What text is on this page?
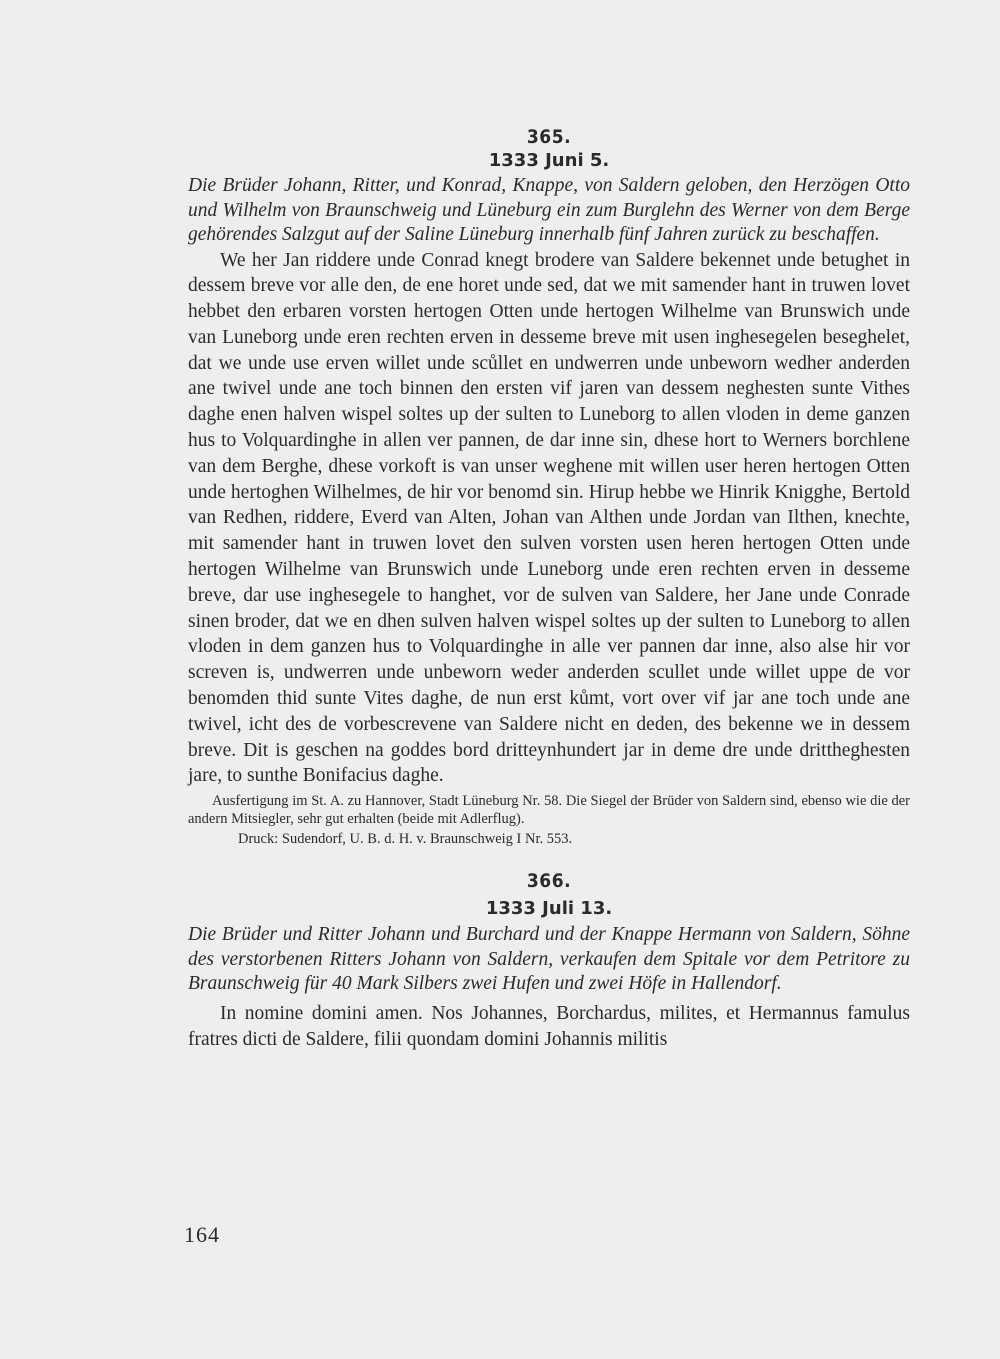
365.
1333 Juni 5.

Die Brüder Johann, Ritter, und Konrad, Knappe, von Saldern geloben, den Herzögen Otto und Wilhelm von Braunschweig und Lüneburg ein zum Burglehn des Werner von dem Berge gehörendes Salzgut auf der Saline Lüneburg innerhalb fünf Jahren zurück zu beschaffen.

We her Jan riddere unde Conrad knegt brodere van Saldere bekennet unde betughet in dessem breve vor alle den, de ene horet unde sed, dat we mit samender hant in truwen lovet hebbet den erbaren vorsten hertogen Otten unde hertogen Wilhelme van Brunswich unde van Luneborg unde eren rechten erven in desseme breve mit usen inghesegelen beseghelet, dat we unde use erven willet unde scůllet en undwerren unde unbeworn wedher anderden ane twivel unde ane toch binnen den ersten vif jaren van dessem neghesten sunte Vithes daghe enen halven wispel soltes up der sulten to Luneborg to allen vloden in deme ganzen hus to Volquardinghe in allen ver pannen, de dar inne sin, dhese hort to Werners borchlene van dem Berghe, dhese vorkoft is van unser weghene mit willen user heren hertogen Otten unde hertoghen Wilhelmes, de hir vor benomd sin. Hirup hebbe we Hinrik Knigghe, Bertold van Redhen, riddere, Everd van Alten, Johan van Althen unde Jordan van Ilthen, knechte, mit samender hant in truwen lovet den sulven vorsten usen heren hertogen Otten unde hertogen Wilhelme van Brunswich unde Luneborg unde eren rechten erven in desseme breve, dar use inghesegele to hanghet, vor de sulven van Saldere, her Jane unde Conrade sinen broder, dat we en dhen sulven halven wispel soltes up der sulten to Luneborg to allen vloden in dem ganzen hus to Volquardinghe in alle ver pannen dar inne, also alse hir vor screven is, undwerren unde unbeworn weder anderden scullet unde willet uppe de vor benomden thid sunte Vites daghe, de nun erst kůmt, vort over vif jar ane toch unde ane twivel, icht des de vorbescrevene van Saldere nicht en deden, des bekenne we in dessem breve. Dit is geschen na goddes bord dritteynhundert jar in deme dre unde drittheghesten jare, to sunthe Bonifacius daghe.

Ausfertigung im St. A. zu Hannover, Stadt Lüneburg Nr. 58. Die Siegel der Brüder von Saldern sind, ebenso wie die der andern Mitsiegler, sehr gut erhalten (beide mit Adlerflug).

Druck: Sudendorf, U. B. d. H. v. Braunschweig I Nr. 553.

366.
1333 Juli 13.

Die Brüder und Ritter Johann und Burchard und der Knappe Hermann von Saldern, Söhne des verstorbenen Ritters Johann von Saldern, verkaufen dem Spitale vor dem Petritore zu Braunschweig für 40 Mark Silbers zwei Hufen und zwei Höfe in Hallendorf.

In nomine domini amen. Nos Johannes, Borchardus, milites, et Hermannus famulus fratres dicti de Saldere, filii quondam domini Johannis militis

164
